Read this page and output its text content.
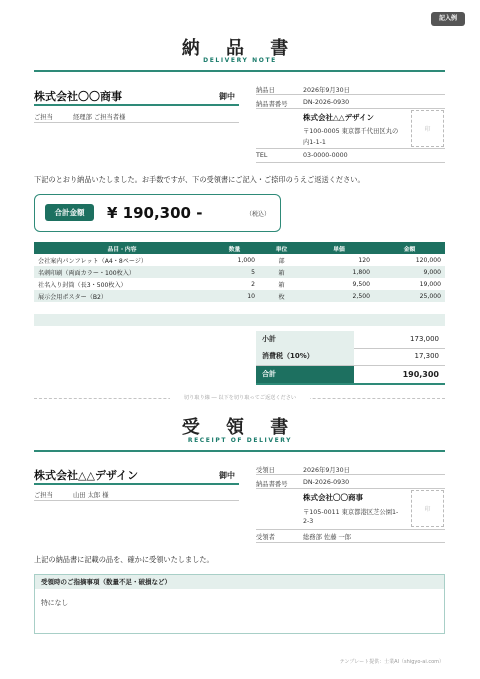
記入例
納 品 書
DELIVERY NOTE
株式会社〇〇商事	御中
ご担当	経理部 ご担当者様
納品日	2026年9月30日
納品書番号 DN-2026-0930
株式会社△△デザイン
〒100-0005 東京都千代田区丸の
内1-1-1
印
TEL	03-0000-0000
下記のとおり納品いたしました。お手数ですが、下の受領書にご記入・ご捺印のうえご返送ください。
合計金額	¥ 190,300 -	（税込）
品目・内容	数量	単位	単価	金額
会社案内パンフレット（A4・8ページ）	1,000	部	120	120,000
名刺印刷（両面カラー・100枚入）	5	箱	1,800	9,000
社名入り封筒（長3・500枚入）	2	箱	9,500	19,000
展示会用ポスター（B2）	10	枚	2,500	25,000

小計	173,000
消費税（10%）	17,300
合計	190,300
切り取り線 ― 以下を切り取ってご返送ください
受 領 書
RECEIPT OF DELIVERY
株式会社△△デザイン	御中
ご担当	山田 太郎 様
受領日	2026年9月30日
納品書番号 DN-2026-0930
株式会社〇〇商事
〒105-0011 東京都港区芝公園1-
2-3
印
受領者	総務部 佐藤 一郎
上記の納品書に記載の品を、確かに受領いたしました。
受領時のご指摘事項（数量不足・破損など）
特になし
テンプレート提供：士業AI（shigyo-ai.com）
